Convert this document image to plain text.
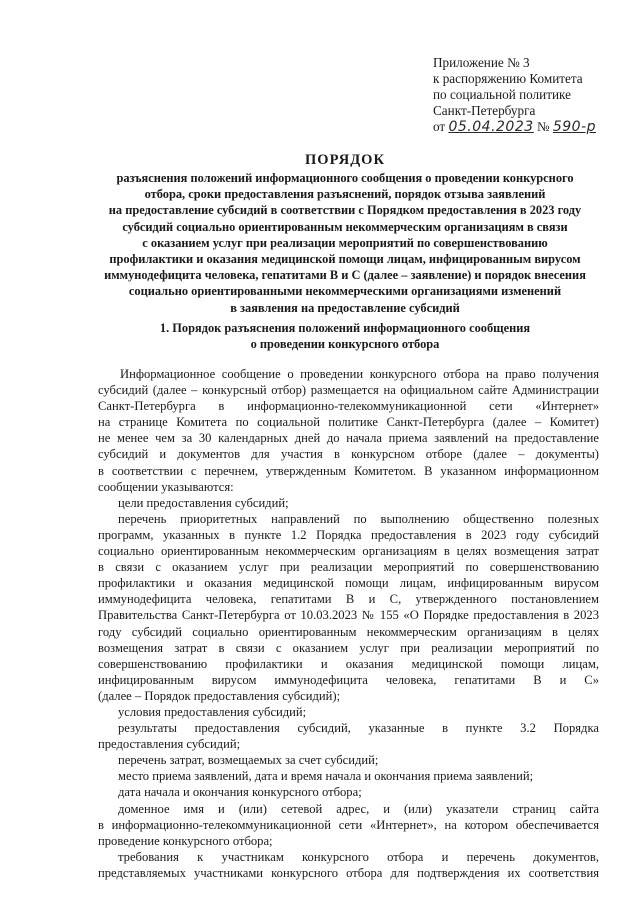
Приложение № 3
к распоряжению Комитета
по социальной политике
Санкт-Петербурга
от 05.04.2023 № 590-р
ПОРЯДОК
разъяснения положений информационного сообщения о проведении конкурсного
отбора, сроки предоставления разъяснений, порядок отзыва заявлений
на предоставление субсидий в соответствии с Порядком предоставления в 2023 году
субсидий социально ориентированным некоммерческим организациям в связи
с оказанием услуг при реализации мероприятий по совершенствованию
профилактики и оказания медицинской помощи лицам, инфицированным вирусом
иммунодефицита человека, гепатитами В и С (далее – заявление) и порядок внесения
социально ориентированными некоммерческими организациями изменений
в заявления на предоставление субсидий
1. Порядок разъяснения положений информационного сообщения
о проведении конкурсного отбора
Информационное сообщение о проведении конкурсного отбора на право получения
субсидий (далее – конкурсный отбор) размещается на официальном сайте Администрации
Санкт-Петербурга в информационно-телекоммуникационной сети «Интернет»
на странице Комитета по социальной политике Санкт-Петербурга (далее – Комитет)
не менее чем за 30 календарных дней до начала приема заявлений на предоставление
субсидий и документов для участия в конкурсном отборе (далее – документы)
в соответствии с перечнем, утвержденным Комитетом. В указанном информационном
сообщении указываются:
цели предоставления субсидий;
перечень приоритетных направлений по выполнению общественно полезных
программ, указанных в пункте 1.2 Порядка предоставления в 2023 году субсидий
социально ориентированным некоммерческим организациям в целях возмещения затрат
в связи с оказанием услуг при реализации мероприятий по совершенствованию
профилактики и оказания медицинской помощи лицам, инфицированным вирусом
иммунодефицита человека, гепатитами В и С, утвержденного постановлением
Правительства Санкт-Петербурга от 10.03.2023 № 155 «О Порядке предоставления в 2023
году субсидий социально ориентированным некоммерческим организациям в целях
возмещения затрат в связи с оказанием услуг при реализации мероприятий по
совершенствованию профилактики и оказания медицинской помощи лицам,
инфицированным вирусом иммунодефицита человека, гепатитами В и С»
(далее – Порядок предоставления субсидий);
условия предоставления субсидий;
результаты предоставления субсидий, указанные в пункте 3.2 Порядка
предоставления субсидий;
перечень затрат, возмещаемых за счет субсидий;
место приема заявлений, дата и время начала и окончания приема заявлений;
дата начала и окончания конкурсного отбора;
доменное имя и (или) сетевой адрес, и (или) указатели страниц сайта
в информационно-телекоммуникационной сети «Интернет», на котором обеспечивается
проведение конкурсного отбора;
требования к участникам конкурсного отбора и перечень документов,
представляемых участниками конкурсного отбора для подтверждения их соответствия
